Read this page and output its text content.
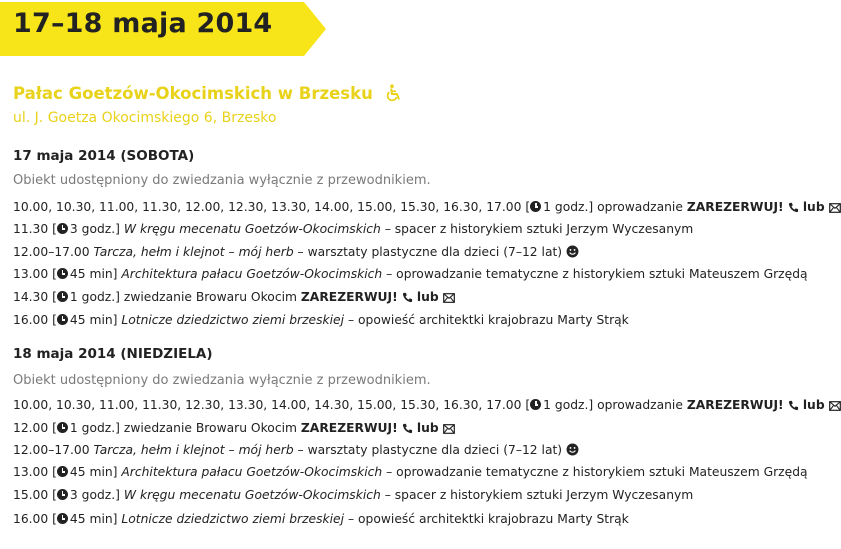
17–18 maja 2014
Pałac Goetzów-Okocimskich w Brzesku
ul. J. Goetza Okocimskiego 6, Brzesko
17 maja 2014 (SOBOTA)
Obiekt udostępniony do zwiedzania wyłącznie z przewodnikiem.
10.00, 10.30, 11.00, 11.30, 12.00, 12.30, 13.30, 14.00, 15.00, 15.30, 16.30, 17.00 [ 1 godz.] oprowadzanie ZAREZERWUJ!  lub
11.30 [ 3 godz.] W kręgu mecenatu Goetzów-Okocimskich – spacer z historykiem sztuki Jerzym Wyczesanym
12.00–17.00 Tarcza, hełm i klejnot – mój herb – warsztaty plastyczne dla dzieci (7–12 lat)
13.00 [ 45 min] Architektura pałacu Goetzów-Okocimskich – oprowadzanie tematyczne z historykiem sztuki Mateuszem Grzędą
14.30 [ 1 godz.] zwiedzanie Browaru Okocim ZAREZERWUJ!  lub
16.00 [ 45 min] Lotnicze dziedzictwo ziemi brzeskiej – opowieść architektki krajobrazu Marty Strąk
18 maja 2014 (NIEDZIELA)
Obiekt udostępniony do zwiedzania wyłącznie z przewodnikiem.
10.00, 10.30, 11.00, 11.30, 12.30, 13.30, 14.00, 14.30, 15.00, 15.30, 16.30, 17.00 [ 1 godz.] oprowadzanie ZAREZERWUJ!  lub
12.00 [ 1 godz.] zwiedzanie Browaru Okocim ZAREZERWUJ!  lub
12.00–17.00 Tarcza, hełm i klejnot – mój herb – warsztaty plastyczne dla dzieci (7–12 lat)
13.00 [ 45 min] Architektura pałacu Goetzów-Okocimskich – oprowadzanie tematyczne z historykiem sztuki Mateuszem Grzędą
15.00 [ 3 godz.] W kręgu mecenatu Goetzów-Okocimskich – spacer z historykiem sztuki Jerzym Wyczesanym
16.00 [ 45 min] Lotnicze dziedzictwo ziemi brzeskiej – opowieść architektki krajobrazu Marty Strąk
